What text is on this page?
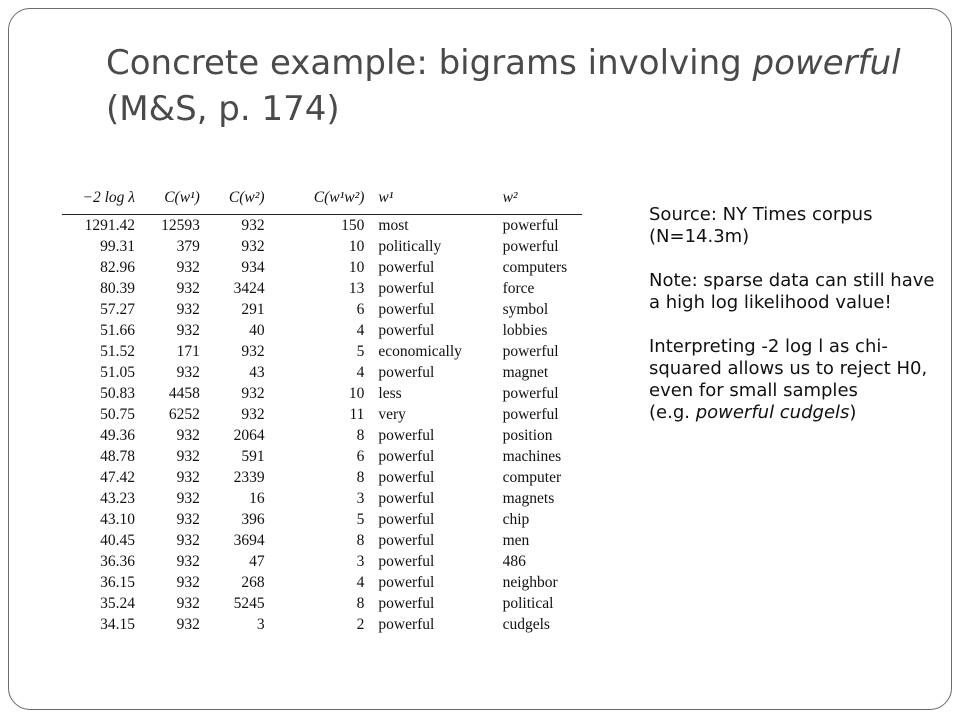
Concrete example: bigrams involving powerful
(M&S, p. 174)
−2 log λ	C(w¹)	C(w²)	C(w¹w²)	w¹	w²
1291.42	12593	932	150	most	powerful
99.31	379	932	10	politically	powerful
82.96	932	934	10	powerful	computers
80.39	932	3424	13	powerful	force
57.27	932	291	6	powerful	symbol
51.66	932	40	4	powerful	lobbies
51.52	171	932	5	economically	powerful
51.05	932	43	4	powerful	magnet
50.83	4458	932	10	less	powerful
50.75	6252	932	11	very	powerful
49.36	932	2064	8	powerful	position
48.78	932	591	6	powerful	machines
47.42	932	2339	8	powerful	computer
43.23	932	16	3	powerful	magnets
43.10	932	396	5	powerful	chip
40.45	932	3694	8	powerful	men
36.36	932	47	3	powerful	486
36.15	932	268	4	powerful	neighbor
35.24	932	5245	8	powerful	political
34.15	932	3	2	powerful	cudgels

Source: NY Times corpus (N=14.3m)

Note: sparse data can still have a high log likelihood value!

Interpreting -2 log l as chi-squared allows us to reject H0, even for small samples
(e.g. powerful cudgels)
